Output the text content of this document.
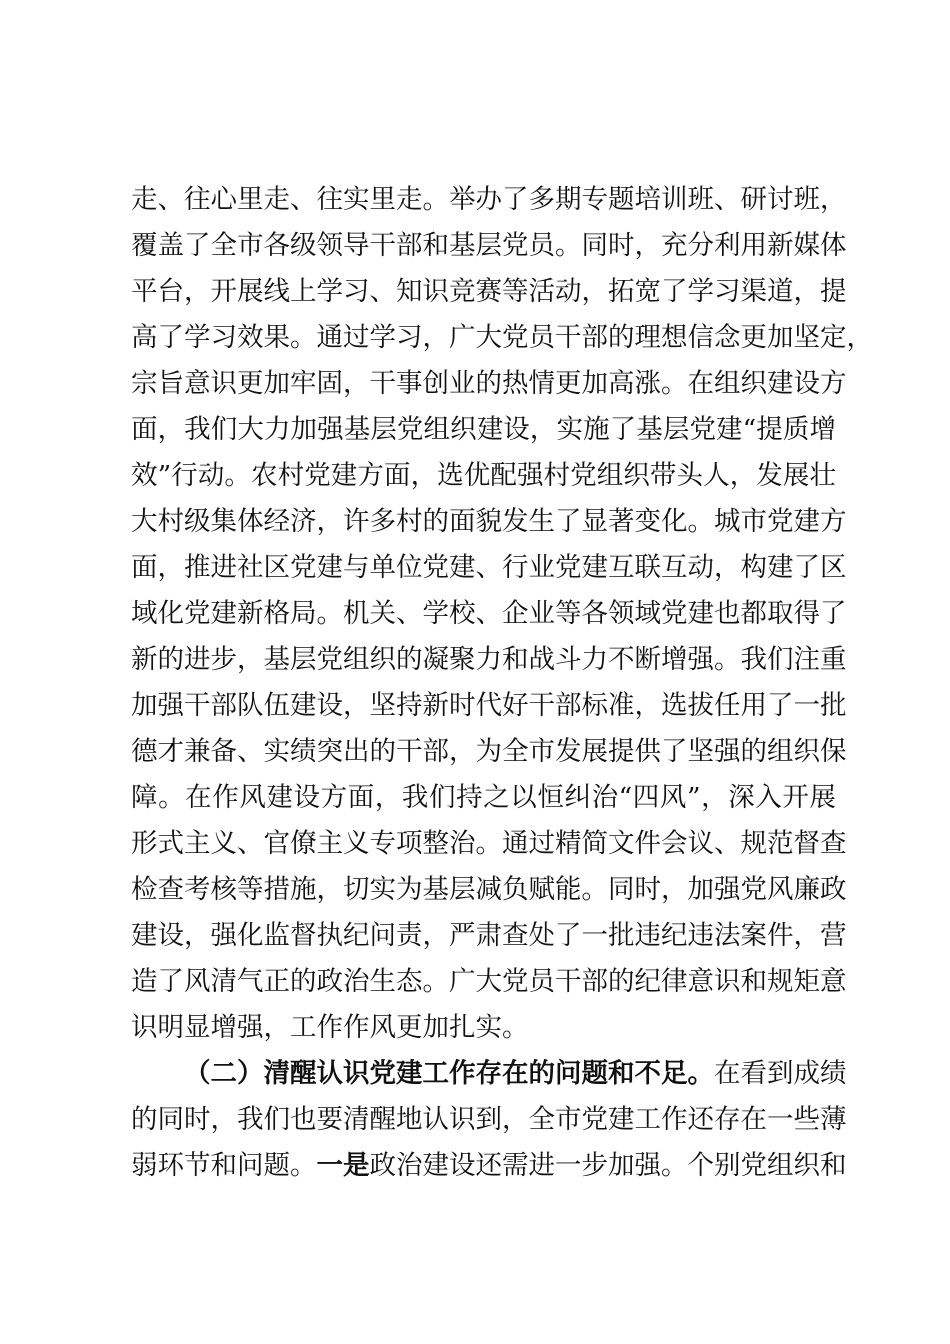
走、往心里走、往实里走。举办了多期专题培训班、研讨班，
覆盖了全市各级领导干部和基层党员。同时，充分利用新媒体
平台，开展线上学习、知识竞赛等活动，拓宽了学习渠道，提
高了学习效果。通过学习，广大党员干部的理想信念更加坚定，
宗旨意识更加牢固，干事创业的热情更加高涨。在组织建设方
面，我们大力加强基层党组织建设，实施了基层党建“提质增
效”行动。农村党建方面，选优配强村党组织带头人，发展壮
大村级集体经济，许多村的面貌发生了显著变化。城市党建方
面，推进社区党建与单位党建、行业党建互联互动，构建了区
域化党建新格局。机关、学校、企业等各领域党建也都取得了
新的进步，基层党组织的凝聚力和战斗力不断增强。我们注重
加强干部队伍建设，坚持新时代好干部标准，选拔任用了一批
德才兼备、实绩突出的干部，为全市发展提供了坚强的组织保
障。在作风建设方面，我们持之以恒纠治“四风”，深入开展
形式主义、官僚主义专项整治。通过精简文件会议、规范督查
检查考核等措施，切实为基层减负赋能。同时，加强党风廉政
建设，强化监督执纪问责，严肃查处了一批违纪违法案件，营
造了风清气正的政治生态。广大党员干部的纪律意识和规矩意
识明显增强，工作作风更加扎实。
（二）清醒认识党建工作存在的问题和不足。在看到成绩
的同时，我们也要清醒地认识到，全市党建工作还存在一些薄
弱环节和问题。一是政治建设还需进一步加强。个别党组织和
